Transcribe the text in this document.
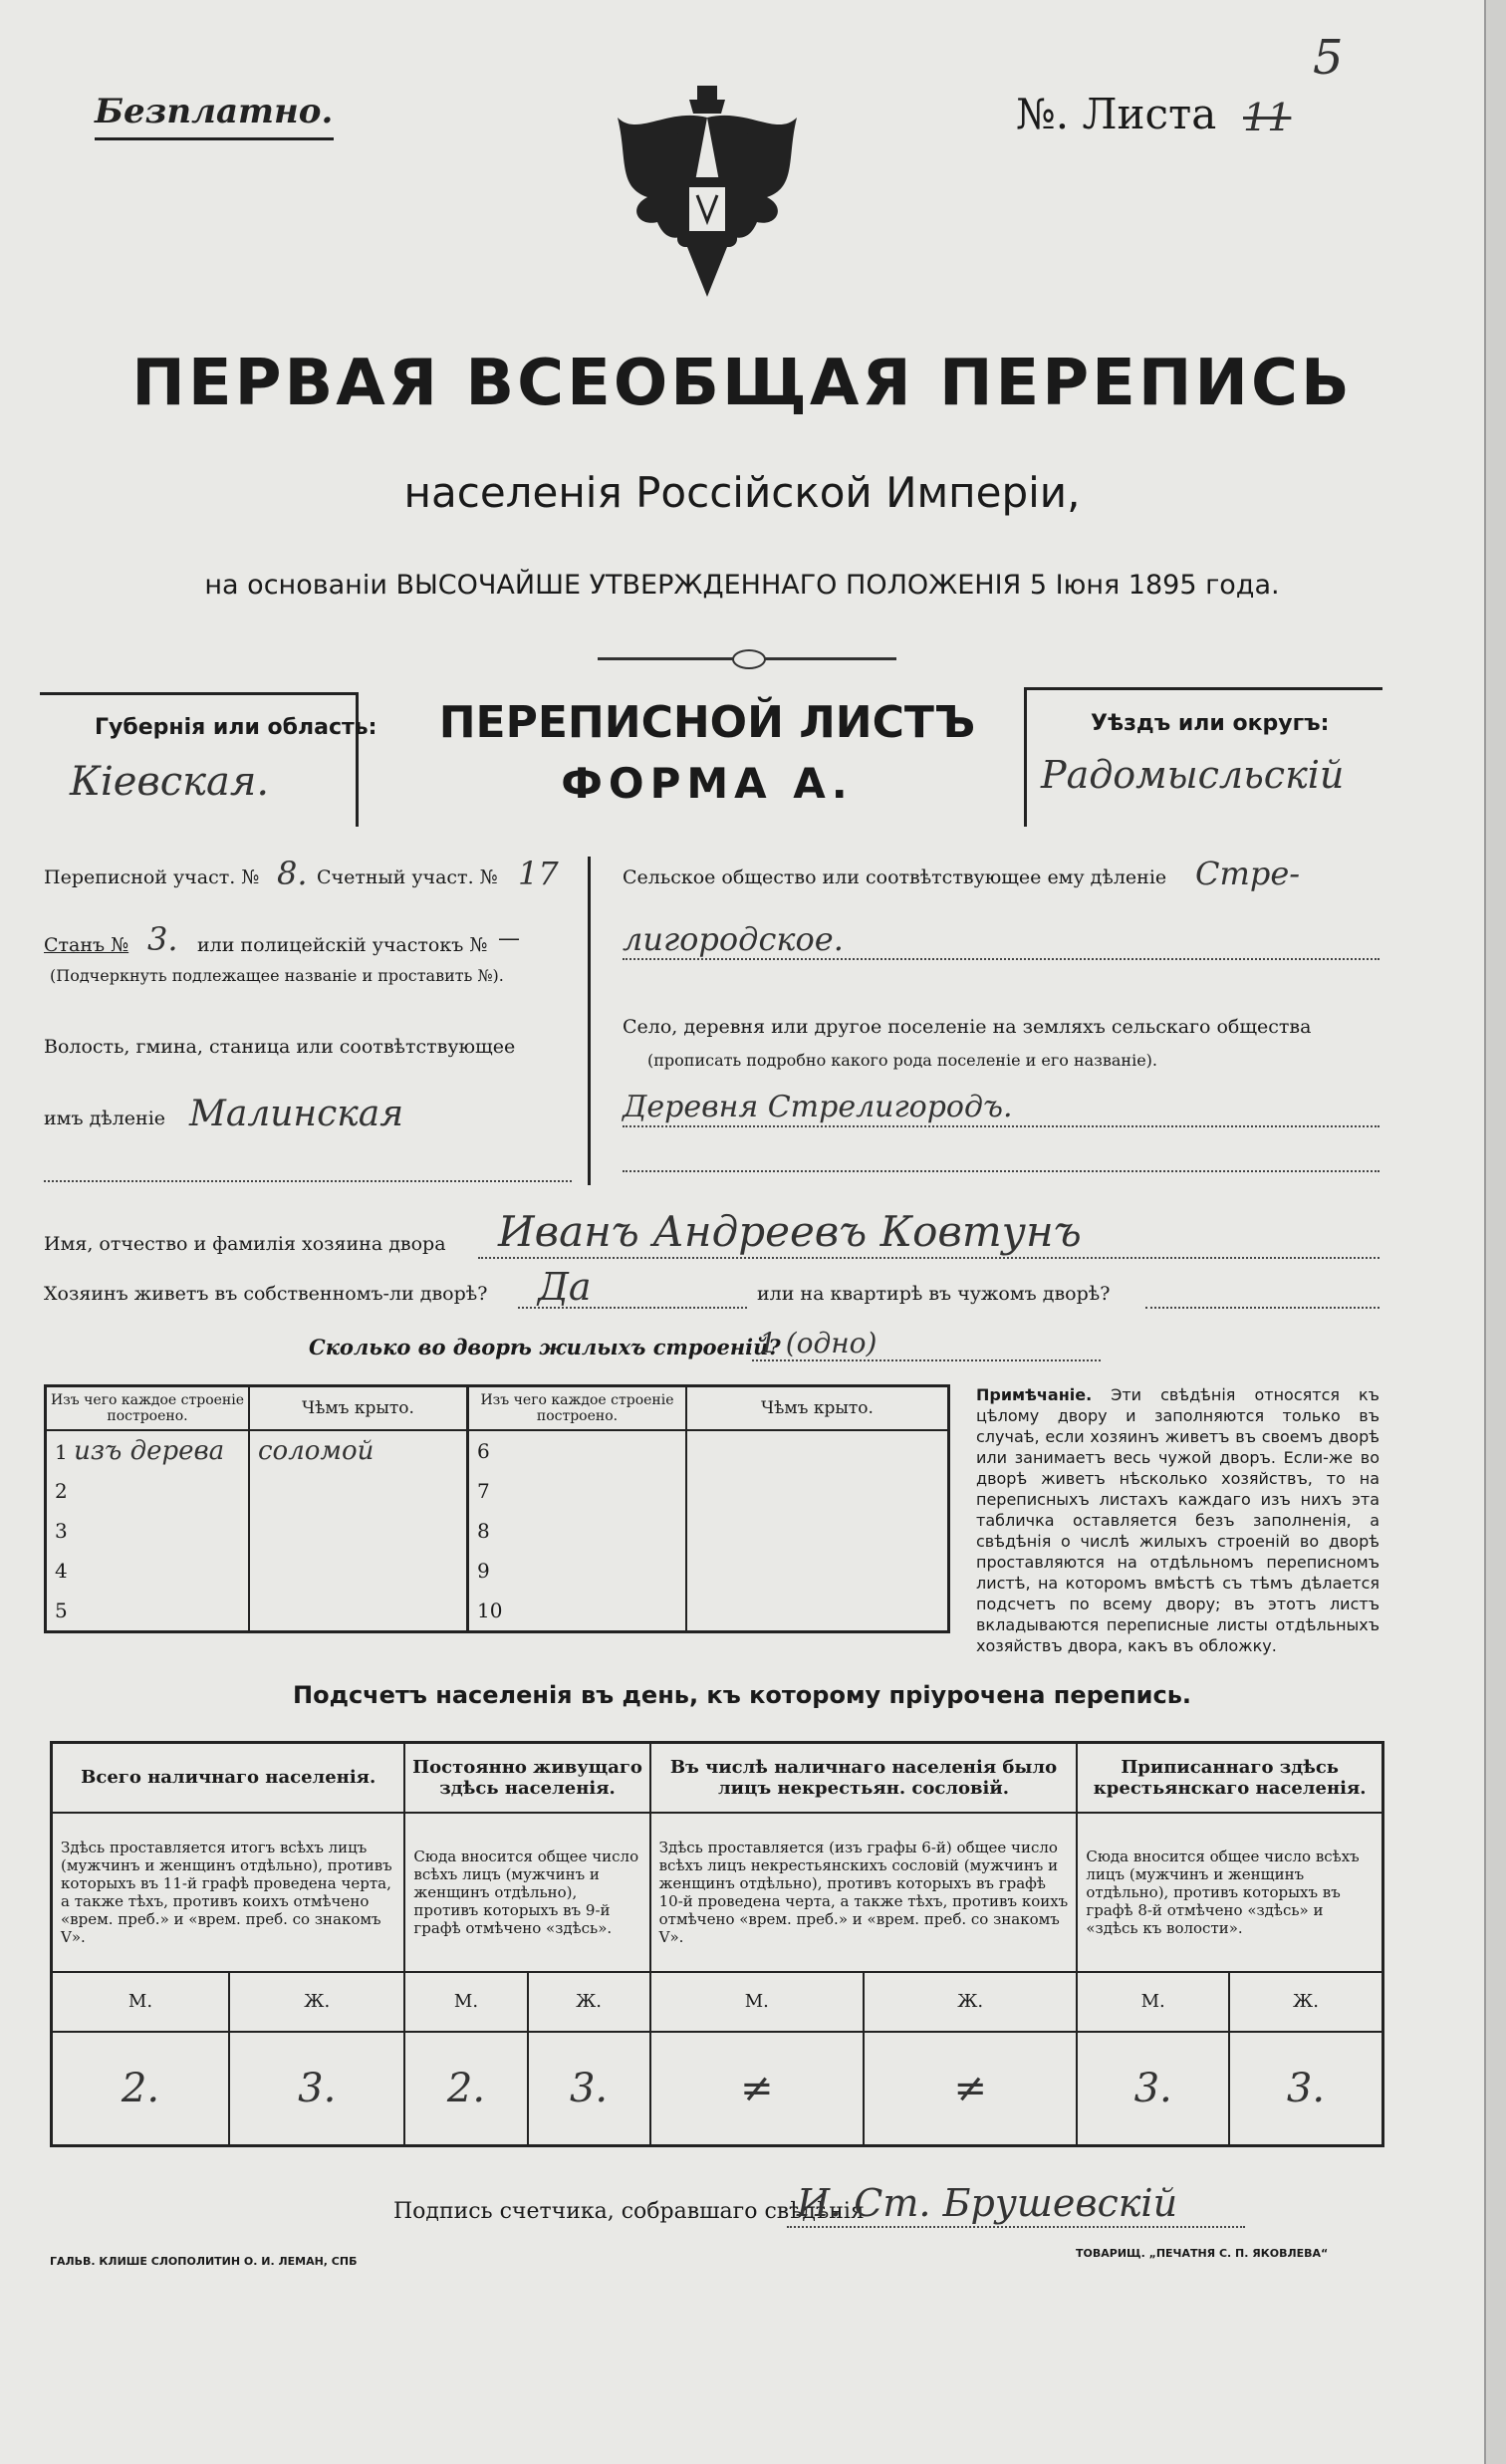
Безплатно.	№. Листа 11
5
ПЕРВАЯ ВСЕОБЩАЯ ПЕРЕПИСЬ
населенія Россійской Имперіи,
на основаніи ВЫСОЧАЙШЕ УТВЕРЖДЕННАГО ПОЛОЖЕНІЯ 5 Іюня 1895 года.
Губернія или область:
Кіевская.
ПЕРЕПИСНОЙ ЛИСТЪ
ФОРМА А.
Уѣздъ или округъ:
Радомысльскій
Переписной участ. № 8. Счетный участ. № 17
Станъ № 3. или полицейскій участокъ № —
(Подчеркнуть подлежащее названіе и проставить №).
Волость, гмина, станица или соотвѣтствующее
имъ дѣленіе Малинская
Сельское общество или соотвѣтствующее ему дѣленіе Стре-
лигородское.
Село, деревня или другое поселеніе на земляхъ сельскаго общества
(прописать подробно какого рода поселеніе и его названіе).
Деревня Стрелигородъ.
Имя, отчество и фамилія хозяина двора Иванъ Андреевъ Ковтунъ
Хозяинъ живетъ въ собственномъ-ли дворѣ? Да	или на квартирѣ въ чужомъ дворѣ?
Сколько во дворѣ жилыхъ строеній?
1 (одно)
Изъ чего каждое строеніе построено.	Чѣмъ крыто.	Изъ чего каждое строеніе построено.	Чѣмъ крыто.
1 изъ дерева	соломой	6	
2		7	
3		8	
4		9	
5		10	
Примѣчаніе. Эти свѣдѣнія относятся къ цѣлому двору и заполняются только въ случаѣ, если хозяинъ живетъ въ своемъ дворѣ или занимаетъ весь чужой дворъ. Если-же во дворѣ живетъ нѣсколько хозяйствъ, то на переписныхъ листахъ каждаго изъ нихъ эта табличка оставляется безъ заполненія, а свѣдѣнія о числѣ жилыхъ строеній во дворѣ проставляются на отдѣльномъ переписномъ листѣ, на которомъ вмѣстѣ съ тѣмъ дѣлается подсчетъ по всему двору; въ этотъ листъ вкладываются переписные листы отдѣльныхъ хозяйствъ двора, какъ въ обложку.
Подсчетъ населенія въ день, къ которому пріурочена перепись.
Всего наличнаго населенія.		Постоянно живущаго здѣсь населенія.		Въ числѣ наличнаго населенія было лицъ некрестьян. сословій.		Приписаннаго здѣсь крестьянскаго населенія.	
Здѣсь проставляется итогъ всѣхъ лицъ (мужчинъ и женщинъ отдѣльно), противъ которыхъ въ 11-й графѣ проведена черта, а также тѣхъ, противъ коихъ отмѣчено «врем. преб.» и «врем. преб. со знакомъ V».		Сюда вносится общее число всѣхъ лицъ (мужчинъ и женщинъ отдѣльно), противъ которыхъ въ 9-й графѣ отмѣчено «здѣсь».		Здѣсь проставляется (изъ графы 6-й) общее число всѣхъ лицъ некрестьянскихъ сословій (мужчинъ и женщинъ отдѣльно), противъ которыхъ въ графѣ 10-й проведена черта, а также тѣхъ, противъ коихъ отмѣчено «врем. преб.» и «врем. преб. со знакомъ V».		Сюда вносится общее число всѣхъ лицъ (мужчинъ и женщинъ отдѣльно), противъ которыхъ въ графѣ 8-й отмѣчено «здѣсь» и «здѣсь къ волости».	
М.	Ж.	М.	Ж.	М.	Ж.	М.	Ж.
2.	3.	2.	3.	≠	≠	3.	3.
Подпись счетчика, собравшаго свѣдѣнія
И. Ст. Брушевскій
ГАЛЬВ. КЛИШЕ СЛОПОЛИТИН О. И. ЛЕМАН, СПБ
ТОВАРИЩ. „ПЕЧАТНЯ С. П. ЯКОВЛЕВА“
